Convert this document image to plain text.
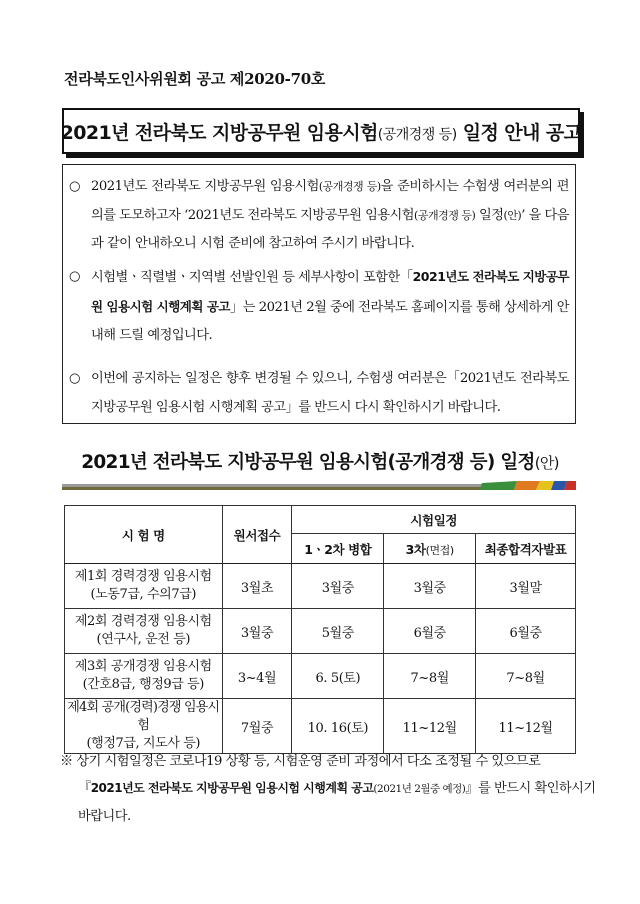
전라북도인사위원회 공고 제2020-70호
2021년 전라북도 지방공무원 임용시험(공개경쟁 등) 일정 안내 공고
○ 2021년도 전라북도 지방공무원 임용시험(공개경쟁 등)을 준비하시는 수험생 여러분의 편의를 도모하고자 ‘2021년도 전라북도 지방공무원 임용시험(공개경쟁 등) 일정(안)’ 을 다음과 같이 안내하오니 시험 준비에 참고하여 주시기 바랍니다.
○ 시험별ㆍ직렬별ㆍ지역별 선발인원 등 세부사항이 포함한「2021년도 전라북도 지방공무원 임용시험 시행계획 공고」는 2021년 2월 중에 전라북도 홈페이지를 통해 상세하게 안내해 드릴 예정입니다.
○ 이번에 공지하는 일정은 향후 변경될 수 있으니, 수험생 여러분은「2021년도 전라북도 지방공무원 임용시험 시행계획 공고」를 반드시 다시 확인하시기 바랍니다.
2021년 전라북도 지방공무원 임용시험(공개경쟁 등) 일정(안)
시 험 명	원서접수	시험일정		
		1ㆍ2차 병합	3차(면접)	최종합격자발표
제1회 경력경쟁 임용시험
(노동7급, 수의7급)	3월초	3월중	3월중	3월말
제2회 경력경쟁 임용시험
(연구사, 운전 등)	3월중	5월중	6월중	6월중
제3회 공개경쟁 임용시험
(간호8급, 행정9급 등)	3~4월	6. 5(토)	7~8월	7~8월
제4회 공개(경력)경쟁 임용시험
(행정7급, 지도사 등)	7월중	10. 16(토)	11~12월	11~12월
※ 상기 시험일정은 코로나19 상황 등, 시험운영 준비 과정에서 다소 조정될 수 있으므로
『2021년도 전라북도 지방공무원 임용시험 시행계획 공고(2021년 2월중 예정)』를 반드시 확인하시기
바랍니다.
